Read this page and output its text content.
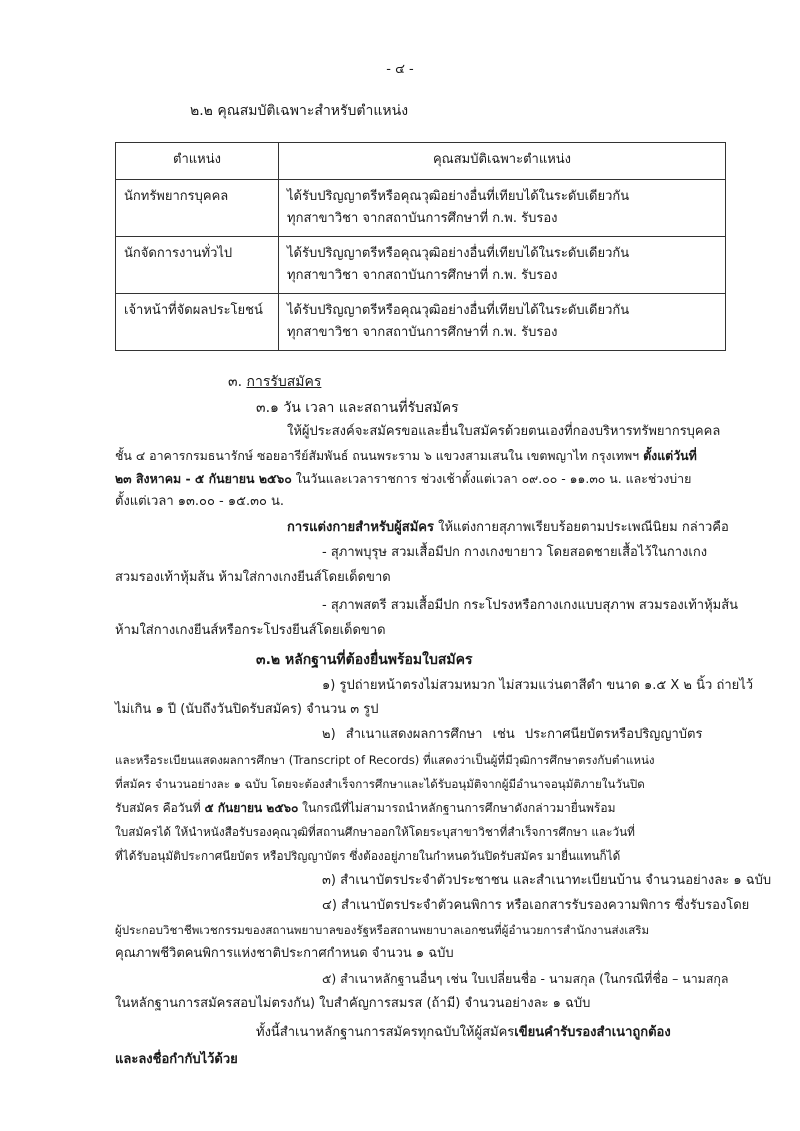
- ๔ -
๒.๒ คุณสมบัติเฉพาะสำหรับตำแหน่ง
ตำแหน่ง	คุณสมบัติเฉพาะตำแหน่ง
นักทรัพยากรบุคคล	ได้รับปริญญาตรีหรือคุณวุฒิอย่างอื่นที่เทียบได้ในระดับเดียวกัน
ทุกสาขาวิชา จากสถาบันการศึกษาที่ ก.พ. รับรอง

นักจัดการงานทั่วไป	ได้รับปริญญาตรีหรือคุณวุฒิอย่างอื่นที่เทียบได้ในระดับเดียวกัน
ทุกสาขาวิชา จากสถาบันการศึกษาที่ ก.พ. รับรอง

เจ้าหน้าที่จัดผลประโยชน์	ได้รับปริญญาตรีหรือคุณวุฒิอย่างอื่นที่เทียบได้ในระดับเดียวกัน
ทุกสาขาวิชา จากสถาบันการศึกษาที่ ก.พ. รับรอง
๓. การรับสมัคร
๓.๑ วัน เวลา และสถานที่รับสมัคร
ให้ผู้ประสงค์จะสมัครขอและยื่นใบสมัครด้วยตนเองที่กองบริหารทรัพยากรบุคคล
ชั้น ๔ อาคารกรมธนารักษ์ ซอยอารีย์สัมพันธ์ ถนนพระราม ๖ แขวงสามเสนใน เขตพญาไท กรุงเทพฯ ตั้งแต่วันที่
๒๓ สิงหาคม - ๕ กันยายน ๒๕๖๐ ในวันและเวลาราชการ ช่วงเช้าตั้งแต่เวลา ๐๙.๐๐ - ๑๑.๓๐ น. และช่วงบ่าย
ตั้งแต่เวลา ๑๓.๐๐ - ๑๕.๓๐ น.
การแต่งกายสำหรับผู้สมัคร ให้แต่งกายสุภาพเรียบร้อยตามประเพณีนิยม กล่าวคือ
- สุภาพบุรุษ สวมเสื้อมีปก กางเกงขายาว โดยสอดชายเสื้อไว้ในกางเกง
สวมรองเท้าหุ้มส้น ห้ามใส่กางเกงยีนส์โดยเด็ดขาด
- สุภาพสตรี สวมเสื้อมีปก กระโปรงหรือกางเกงแบบสุภาพ สวมรองเท้าหุ้มส้น
ห้ามใส่กางเกงยีนส์หรือกระโปรงยีนส์โดยเด็ดขาด
๓.๒ หลักฐานที่ต้องยื่นพร้อมใบสมัคร
๑) รูปถ่ายหน้าตรงไม่สวมหมวก ไม่สวมแว่นตาสีดำ ขนาด ๑.๕ X ๒ นิ้ว ถ่ายไว้
ไม่เกิน ๑ ปี (นับถึงวันปิดรับสมัคร) จำนวน ๓ รูป
๒) สำเนาแสดงผลการศึกษา เช่น ประกาศนียบัตรหรือปริญญาบัตร
และหรือระเบียนแสดงผลการศึกษา (Transcript of Records) ที่แสดงว่าเป็นผู้ที่มีวุฒิการศึกษาตรงกับตำแหน่ง
ที่สมัคร จำนวนอย่างละ ๑ ฉบับ โดยจะต้องสำเร็จการศึกษาและได้รับอนุมัติจากผู้มีอำนาจอนุมัติภายในวันปิด
รับสมัคร คือวันที่ ๕ กันยายน ๒๕๖๐ ในกรณีที่ไม่สามารถนำหลักฐานการศึกษาดังกล่าวมายื่นพร้อม
ใบสมัครได้ ให้นำหนังสือรับรองคุณวุฒิที่สถานศึกษาออกให้โดยระบุสาขาวิชาที่สำเร็จการศึกษา และวันที่
ที่ได้รับอนุมัติประกาศนียบัตร หรือปริญญาบัตร ซึ่งต้องอยู่ภายในกำหนดวันปิดรับสมัคร มายื่นแทนก็ได้
๓) สำเนาบัตรประจำตัวประชาชน และสำเนาทะเบียนบ้าน จำนวนอย่างละ ๑ ฉบับ
๔) สำเนาบัตรประจำตัวคนพิการ หรือเอกสารรับรองความพิการ ซึ่งรับรองโดย
ผู้ประกอบวิชาชีพเวชกรรมของสถานพยาบาลของรัฐหรือสถานพยาบาลเอกชนที่ผู้อำนวยการสำนักงานส่งเสริม
คุณภาพชีวิตคนพิการแห่งชาติประกาศกำหนด จำนวน ๑ ฉบับ
๕) สำเนาหลักฐานอื่นๆ เช่น ใบเปลี่ยนชื่อ - นามสกุล (ในกรณีที่ชื่อ – นามสกุล
ในหลักฐานการสมัครสอบไม่ตรงกัน) ใบสำคัญการสมรส (ถ้ามี) จำนวนอย่างละ ๑ ฉบับ
ทั้งนี้สำเนาหลักฐานการสมัครทุกฉบับให้ผู้สมัครเขียนคำรับรองสำเนาถูกต้อง
และลงชื่อกำกับไว้ด้วย
